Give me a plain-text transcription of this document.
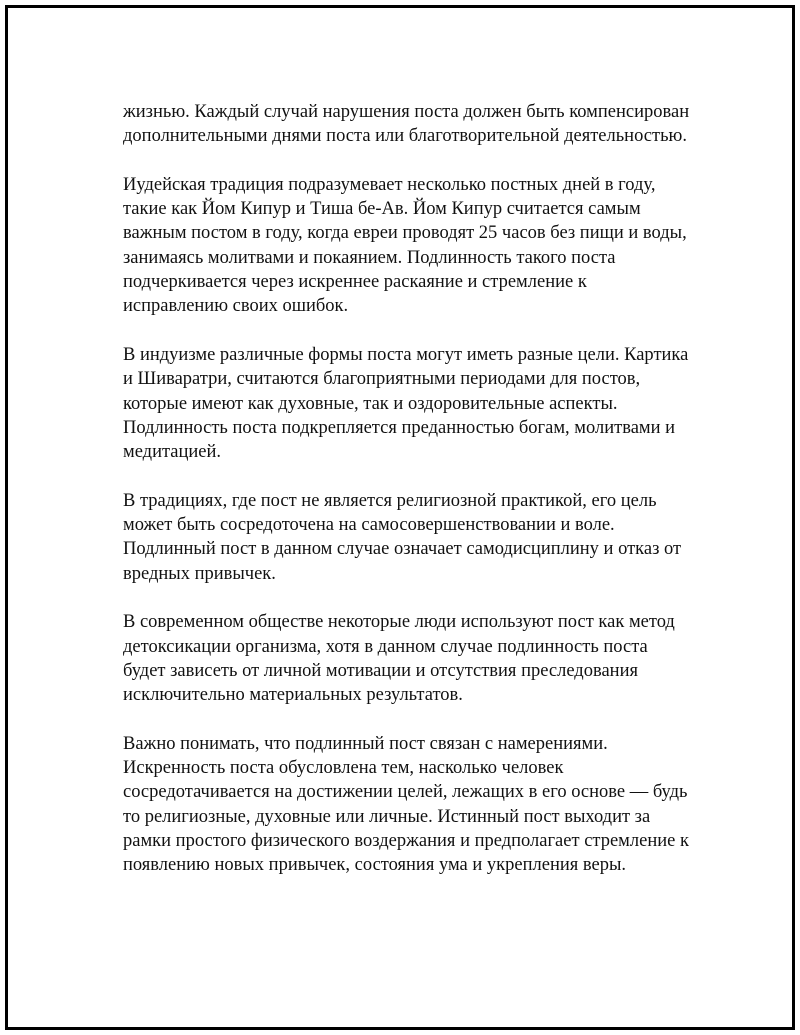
жизнью. Каждый случай нарушения поста должен быть компенсирован
дополнительными днями поста или благотворительной деятельностью.

Иудейская традиция подразумевает несколько постных дней в году,
такие как Йом Кипур и Тиша бе-Ав. Йом Кипур считается самым
важным постом в году, когда евреи проводят 25 часов без пищи и воды,
занимаясь молитвами и покаянием. Подлинность такого поста
подчеркивается через искреннее раскаяние и стремление к
исправлению своих ошибок.

В индуизме различные формы поста могут иметь разные цели. Картика
и Шиваратри, считаются благоприятными периодами для постов,
которые имеют как духовные, так и оздоровительные аспекты.
Подлинность поста подкрепляется преданностью богам, молитвами и
медитацией.

В традициях, где пост не является религиозной практикой, его цель
может быть сосредоточена на самосовершенствовании и воле.
Подлинный пост в данном случае означает самодисциплину и отказ от
вредных привычек.

В современном обществе некоторые люди используют пост как метод
детоксикации организма, хотя в данном случае подлинность поста
будет зависеть от личной мотивации и отсутствия преследования
исключительно материальных результатов.

Важно понимать, что подлинный пост связан с намерениями.
Искренность поста обусловлена тем, насколько человек
сосредотачивается на достижении целей, лежащих в его основе — будь
то религиозные, духовные или личные. Истинный пост выходит за
рамки простого физического воздержания и предполагает стремление к
появлению новых привычек, состояния ума и укрепления веры.
